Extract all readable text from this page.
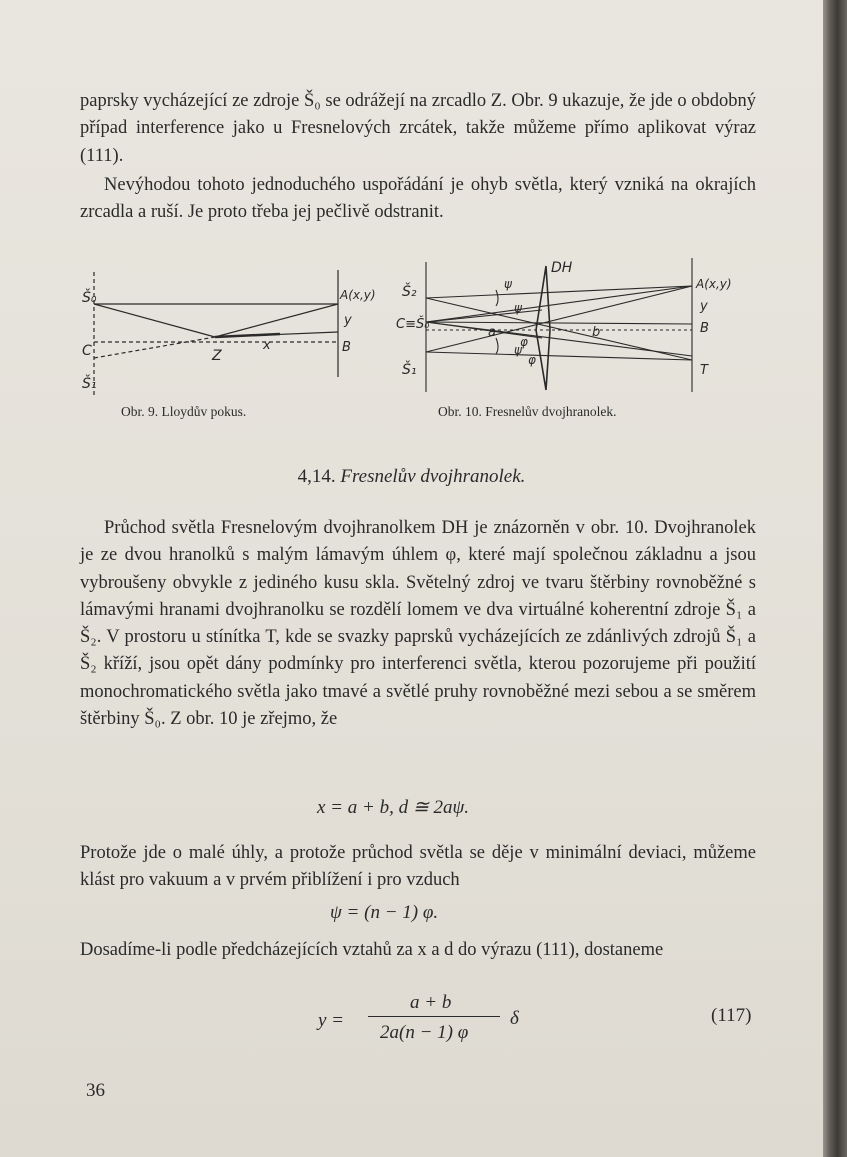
paprsky vycházející ze zdroje Š₀ se odrážejí na zrcadlo Z. Obr. 9 ukazuje, že jde o obdobný případ interference jako u Fresnelových zrcátek, takže můžeme přímo aplikovat výraz (111).

Nevýhodou tohoto jednoduchého uspořádání je ohyb světla, který vzniká na okrajích zrcadla a ruší. Je proto třeba jej pečlivě odstranit.

Š₀
C
Š₁
Z
x
A(x,y)
y
B
DH
Š₂
C≡Š₀
Š₁
ψ
ψ
a	b
φ
ψ
φ
A(x,y)
y
B
T
Obr. 9. Lloydův pokus.	Obr. 10. Fresnelův dvojhranolek.
4,14. Fresnelův dvojhranolek.

Průchod světla Fresnelovým dvojhranolkem DH je znázorněn v obr. 10. Dvojhranolek je ze dvou hranolků s malým lámavým úhlem φ, které mají společnou základnu a jsou vybroušeny obvykle z jediného kusu skla. Světelný zdroj ve tvaru štěrbiny rovnoběžné s lámavými hranami dvojhranolku se rozdělí lomem ve dva virtuálné koherentní zdroje Š₁ a Š₂. V prostoru u stínítka T, kde se svazky paprsků vycházejících ze zdánlivých zdrojů Š₁ a Š₂ kříží, jsou opět dány podmínky pro interferenci světla, kterou pozorujeme při použití monochromatického světla jako tmavé a světlé pruhy rovnoběžné mezi sebou a se směrem štěrbiny Š₀. Z obr. 10 je zřejmo, že

x = a + b, d ≅ 2aψ.

Protože jde o malé úhly, a protože průchod světla se děje v minimální deviaci, můžeme klást pro vakuum a v prvém přiblížení i pro vzduch

ψ = (n − 1) φ.

Dosadíme-li podle předcházejících vztahů za x a d do výrazu (111), dostaneme

y =
a + b
2a(n − 1) φ
δ	(117)
36
